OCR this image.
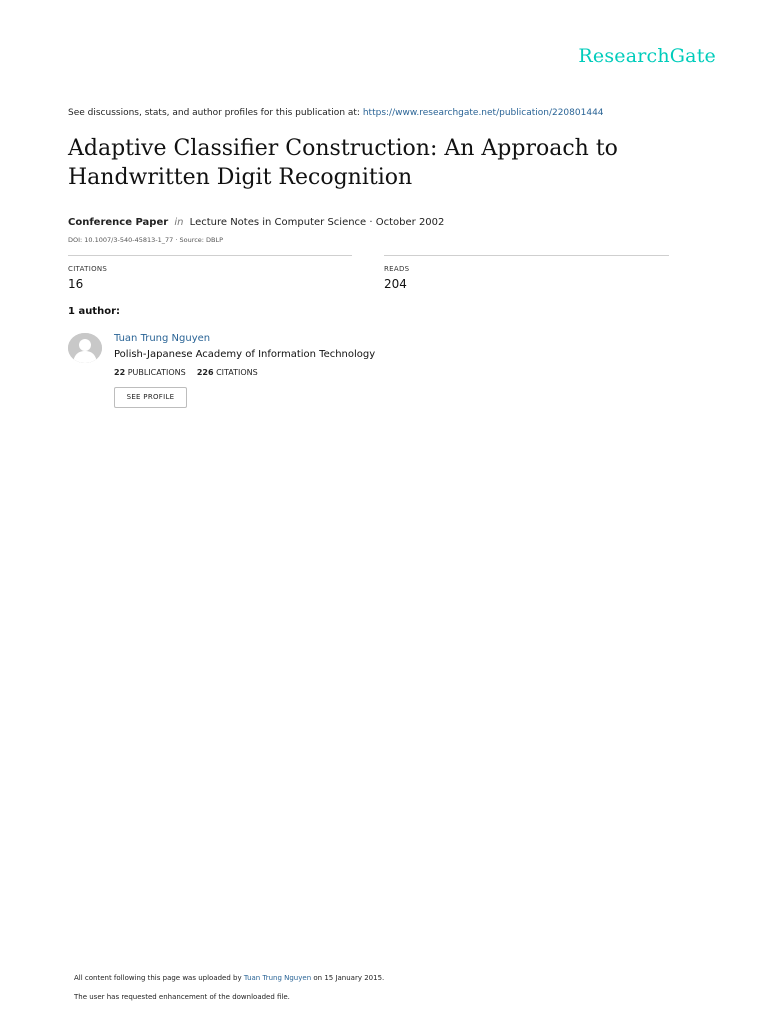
ResearchGate
See discussions, stats, and author profiles for this publication at: https://www.researchgate.net/publication/220801444
Adaptive Classifier Construction: An Approach to Handwritten Digit Recognition
Conference Paper in Lecture Notes in Computer Science · October 2002
DOI: 10.1007/3-540-45813-1_77 · Source: DBLP
CITATIONS
16
READS
204
1 author:
Tuan Trung Nguyen
Polish-Japanese Academy of Information Technology
22 PUBLICATIONS 226 CITATIONS
SEE PROFILE
All content following this page was uploaded by Tuan Trung Nguyen on 15 January 2015.
The user has requested enhancement of the downloaded file.
